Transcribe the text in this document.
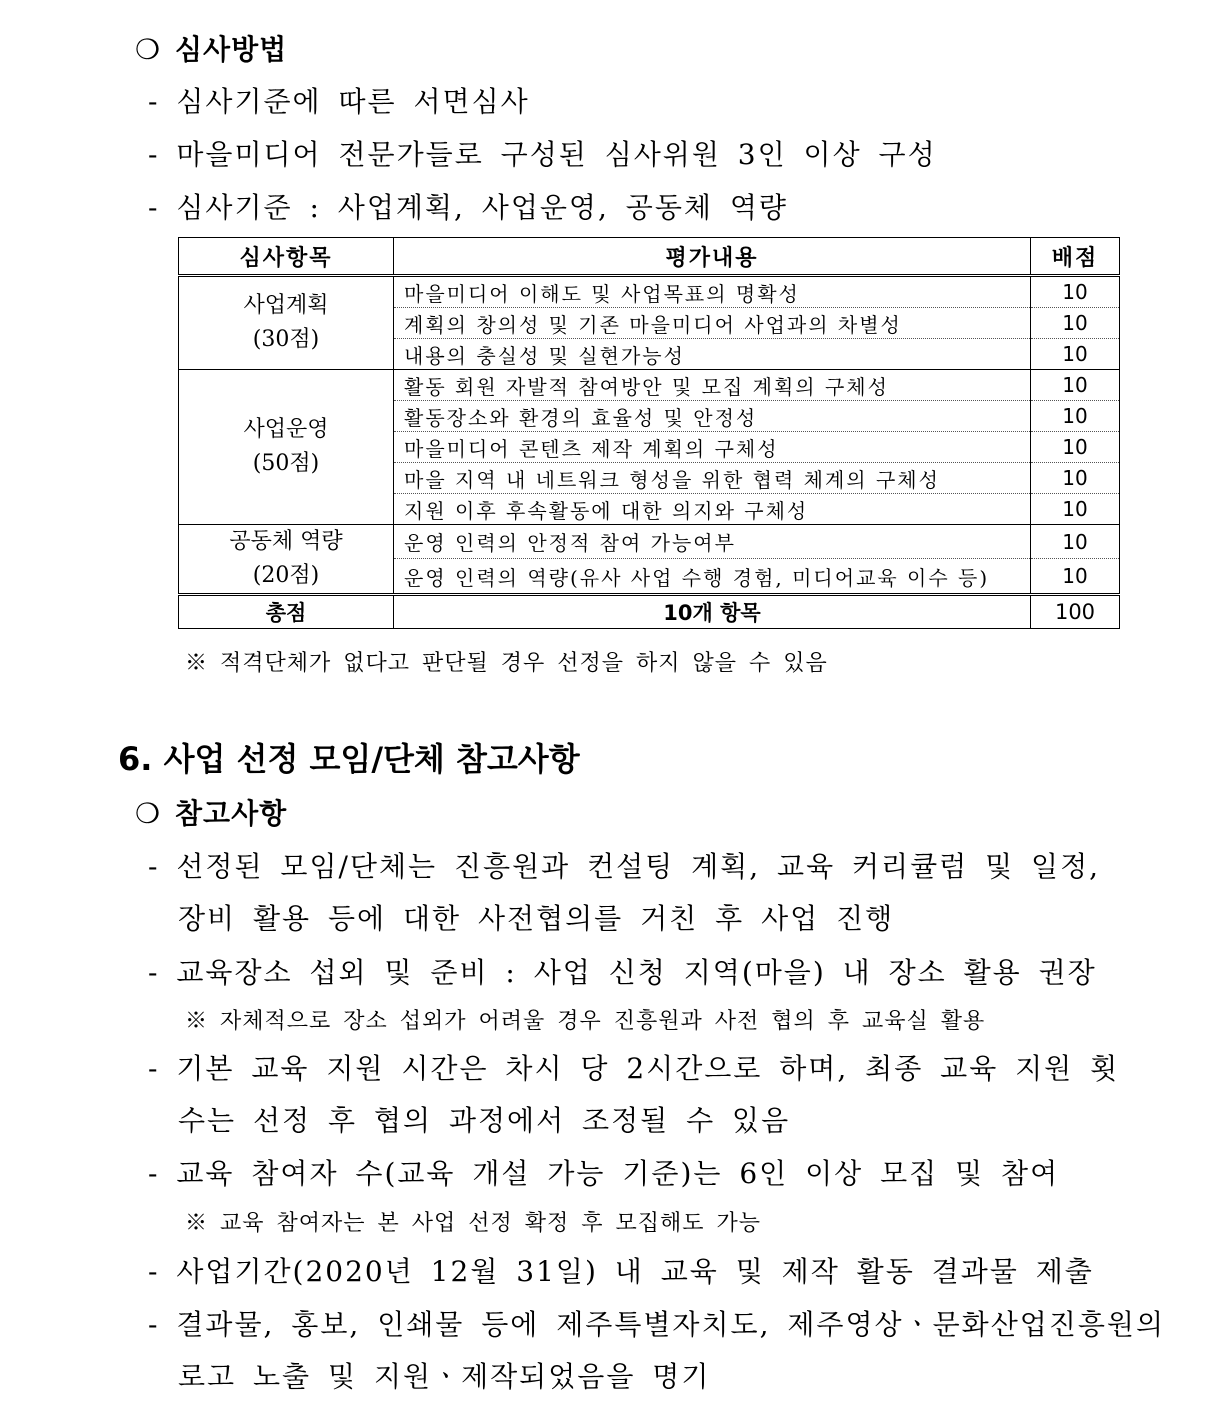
❍ 심사방법
- 심사기준에 따른 서면심사
- 마을미디어 전문가들로 구성된 심사위원 3인 이상 구성
- 심사기준 : 사업계획, 사업운영, 공동체 역량
심사항목	평가내용	배점
사업계획
(30점)	마을미디어 이해도 및 사업목표의 명확성	10
	계획의 창의성 및 기존 마을미디어 사업과의 차별성	10
	내용의 충실성 및 실현가능성	10
사업운영
(50점)	활동 회원 자발적 참여방안 및 모집 계획의 구체성	10
	활동장소와 환경의 효율성 및 안정성	10
	마을미디어 콘텐츠 제작 계획의 구체성	10
	마을 지역 내 네트워크 형성을 위한 협력 체계의 구체성	10
	지원 이후 후속활동에 대한 의지와 구체성	10
공동체 역량
(20점)	운영 인력의 안정적 참여 가능여부	10
	운영 인력의 역량(유사 사업 수행 경험, 미디어교육 이수 등)	10
총점	10개 항목	100
※ 적격단체가 없다고 판단될 경우 선정을 하지 않을 수 있음
6. 사업 선정 모임/단체 참고사항
❍ 참고사항
- 선정된 모임/단체는 진흥원과 컨설팅 계획, 교육 커리큘럼 및 일정,
장비 활용 등에 대한 사전협의를 거친 후 사업 진행
- 교육장소 섭외 및 준비 : 사업 신청 지역(마을) 내 장소 활용 권장
※ 자체적으로 장소 섭외가 어려울 경우 진흥원과 사전 협의 후 교육실 활용
- 기본 교육 지원 시간은 차시 당 2시간으로 하며, 최종 교육 지원 횟
수는 선정 후 협의 과정에서 조정될 수 있음
- 교육 참여자 수(교육 개설 가능 기준)는 6인 이상 모집 및 참여
※ 교육 참여자는 본 사업 선정 확정 후 모집해도 가능
- 사업기간(2020년 12월 31일) 내 교육 및 제작 활동 결과물 제출
- 결과물, 홍보, 인쇄물 등에 제주특별자치도, 제주영상ㆍ문화산업진흥원의
로고 노출 및 지원ㆍ제작되었음을 명기
